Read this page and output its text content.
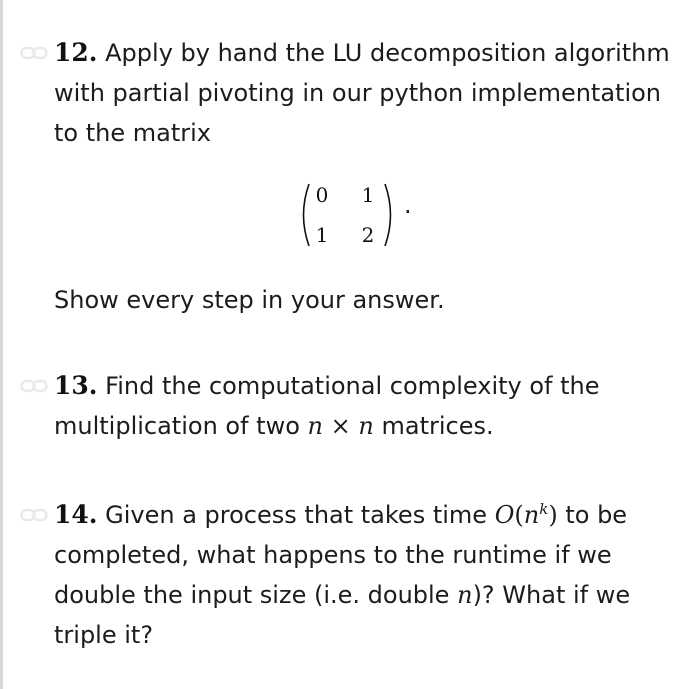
12. Apply by hand the LU decomposition algorithm with partial pivoting in our python implementation to the matrix
0 1
1 2
.
Show every step in your answer.
13. Find the computational complexity of the multiplication of two n × n matrices.
14. Given a process that takes time $O(n^k)$ to be completed, what happens to the runtime if we double the input size (i.e. double n)? What if we triple it?
